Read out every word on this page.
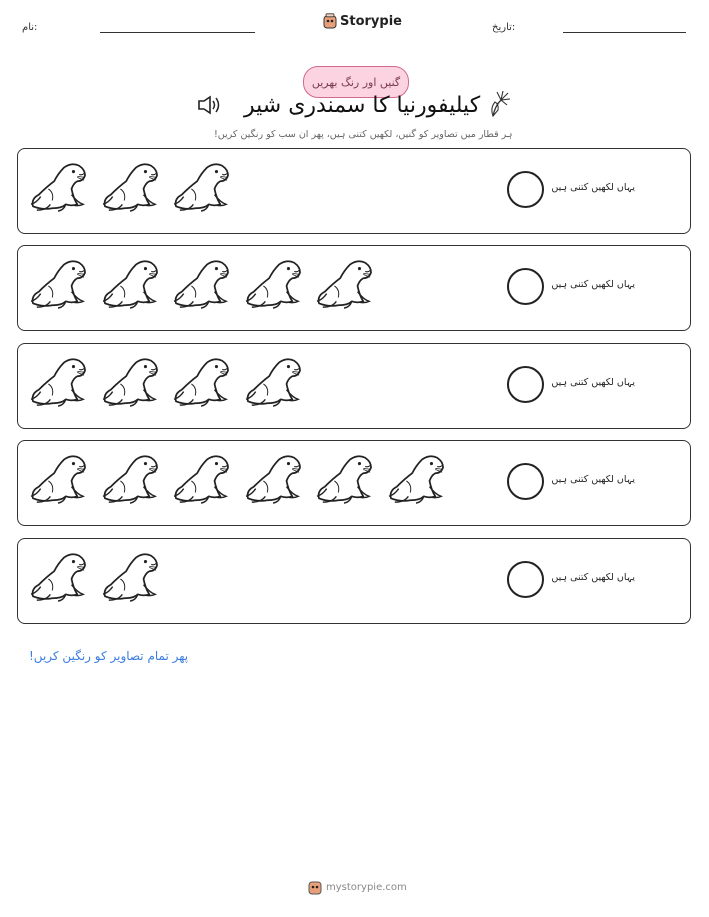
نام:	Storypie	تاریخ:
گنیں اور رنگ بھریں
کیلیفورنیا کا سمندری شیر
ہر قطار میں تصاویر کو گنیں، لکھیں کتنی ہیں، پھر ان سب کو رنگین کریں!
یہاں لکھیں کتنی ہیں
یہاں لکھیں کتنی ہیں
یہاں لکھیں کتنی ہیں
یہاں لکھیں کتنی ہیں
یہاں لکھیں کتنی ہیں
پھر تمام تصاویر کو رنگین کریں!
mystorypie.com
